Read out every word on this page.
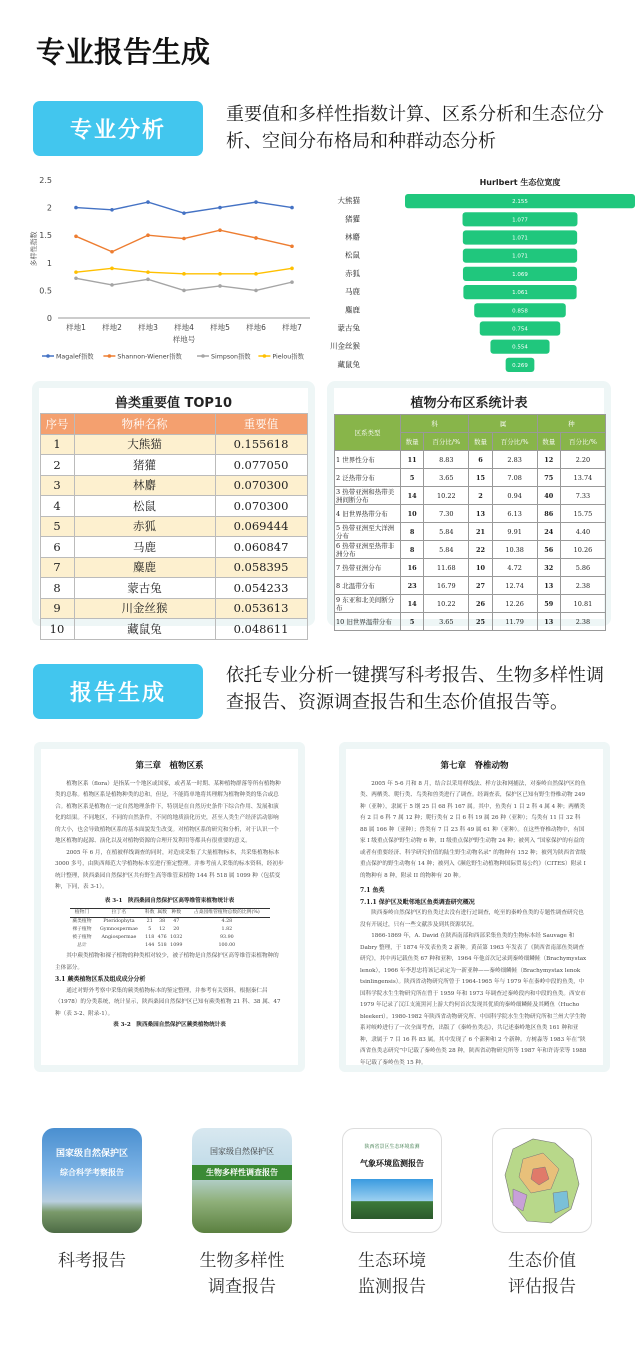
专业报告生成
专业分析
重要值和多样性指数计算、区系分析和生态位分析、空间分布格局和种群动态分析
0
0.5
1
1.5
2
2.5
样地1 样地2 样地3 样地4 样地5 样地6 样地7
样地号
多样性指数
Magalef指数	Shannon-Wiener指数	Simpson指数	Pielou指数
Hurlbert 生态位宽度
2.155
大熊猫
1.077
猪獾
1.071
林麝
1.071
松鼠
1.069
赤狐
1.061
马鹿
0.858
麋鹿
0.754
蒙古兔
0.554
川金丝猴
0.269
藏鼠兔
兽类重要值 TOP10
序号	物种名称	重要值
1	大熊猫	0.155618
2	猪獾	0.077050
3	林麝	0.070300
4	松鼠	0.070300
5	赤狐	0.069444
6	马鹿	0.060847
7	麋鹿	0.058395
8	蒙古兔	0.054233
9	川金丝猴	0.053613
10	藏鼠兔	0.048611
植物分布区系统计表
区系类型	科		属		种	
	数量	百分比/%	数量	百分比/%	数量	百分比/%
1 世界性分布	11	8.83	6	2.83	12	2.20
2 泛热带分布	5	3.65	15	7.08	75	13.74
3 热带亚洲和热带美洲间断分布	14	10.22	2	0.94	40	7.33
4 旧世界热带分布	10	7.30	13	6.13	86	15.75
5 热带亚洲至大洋洲分布	8	5.84	21	9.91	24	4.40
6 热带亚洲至热带非洲分布	8	5.84	22	10.38	56	10.26
7 热带亚洲分布	16	11.68	10	4.72	32	5.86
8 北温带分布	23	16.79	27	12.74	13	2.38
9 东亚和北美间断分布	14	10.22	26	12.26	59	10.81
10 旧世界温带分布	5	3.65	25	11.79	13	2.38
报告生成
依托专业分析一键撰写科考报告、生物多样性调查报告、资源调查报告和生态价值报告等。
第三章　植物区系
植物区系（flora）是指某一个地区或国家，或者某一时期、某种植物群落等所有植物种类的总称。植物区系是植物种类的总和，但是，不能简单地将其理解为植物种类的集合或总合。植物区系是植物在一定自然地理条件下，特别是在自然历史条件下综合作用、发展和演化的结果。不同地区，不同的自然条件，不同的地质演化历史，甚至人类生产经济活动影响的大小，也会导致植物区系的基本面貌发生改变。对植物区系的研究和分析，对于认识一个地区植物的起源、演化以及对植物资源的合理开发利用等都具有很重要的意义。
2005 年 6 月，在植被样线调查的同时，对造成采集了大量植物标本，共采集植物标本 3000 多号，由陕西师范大学植物标本室进行鉴定整理。并参考前人采集的标本资料，经初步统计整理，陕西桑园自然保护区共有野生高等维管束植物 144 科 518 属 1099 种（包括变种，下同，表 3-1）。
表 3-1　陕西桑园自然保护区高等维管束植物统计表
植物门	拉丁名	科数	属数	种数	占桑园维管植物总数的比例(%)
蕨类植物	Pteridophyta	21	38	47	4.28
裸子植物	Gymnospermae	5	12	20	1.82
被子植物	Angiospermae	118	476	1032	93.90
总计		144	518	1099	100.00
其中蕨类植物和裸子植物的种类相对较少，被子植物是自然保护区高等维管束植物种的主体部分。
3.1 蕨类植物区系及组成成分分析
通过对野外考察中采集的蕨类植物标本的鉴定整理，并参考有关资料，根据秦仁昌（1978）的分类系统，统计显示，陕西桑园自然保护区已知有蕨类植物 21 科、38 属、47 种（表 3-2、附录-1）。
表 3-2　陕西桑园自然保护区蕨类植物统计表
第七章　脊椎动物
2005 年 5-6 月和 8 月，结合以采用样线法、样方法和网捕法，对秦岭自然保护区的鱼类、两栖类、爬行类、鸟类和兽类进行了调查。经调查表，保护区已知有野生脊椎动物 249 种（亚种），隶属于 5 纲 25 目 68 科 167 属。其中，鱼类有 1 目 2 科 4 属 4 种；两栖类有 2 目 6 科 7 属 12 种；爬行类有 2 目 6 科 19 属 26 种（亚种）；鸟类有 11 目 32 科 88 属 166 种（亚种）；兽类有 7 目 23 科 49 属 61 种（亚种）。在这些脊椎动物中，有国家 I 级重点保护野生动物 6 种，II 级重点保护野生动物 24 种；被列入 “国家保护的有益的或者有重要经济、科学研究价值的陆生野生动物名录” 的物种有 152 种；被列为陕西省省级重点保护的野生动物有 14 种；被列入《濒危野生动植物种国际贸易公约》（CITES）附录 I 的物种有 8 种，附录 II 的物种有 20 种。
7.1 鱼类
7.1.1 保护区及毗邻地区鱼类调查研究概况
陕西秦岭自然保护区的鱼类过去没有进行过调查，屹至的秦岭鱼类的专题性调查研究也没有开展过，只有一些文献涉及到其资源状况。
1866-1869 年，A. David 在陕西南部和西部采集鱼类的生物标本经 Sauvage 和 Dabry 整理，于 1874 年发表鱼类 2 新种。黄苗第 1963 年发表了《陕西省南部鱼类调查研究》，其中再记载鱼类 67 种和亚种，1964 年他首次记录到秦岭细鳞鲑（Brachymystax lenok），1966 年李思忠将该记录定为一新亚种——秦岭细鳞鲑（Brachymystax lenok tsinlingensis）。陕西省动物研究所曾于 1964-1965 年与 1979 年在秦岭中段的鱼类，中国科学院水生生物研究所在曾于 1959 年和 1973 年调查过秦岭段内和中段的鱼类。西安市 1979 年记录了汉江支流黑河上游大约何首次发现其优质的秦岭细鳞鲑及其鳟鱼（Hucho bleekeri）。1980-1982 年陕西省动物研究所、中国科学院水生生物研究所和兰州大学生物系对岐岭进行了一次全面考查，出版了《秦岭鱼类志》，共记述秦岭地区鱼类 161 种和亚种，隶属于 7 目 16 科 83 属。其中发现了 6 个新种和 2 个新种。方树淼等 1983 年在“陕西省鱼类志研究”中记载了秦岭鱼类 28 种，陕西省动物研究所等 1987 年和许涛荣等 1988 年记载了秦岭鱼类 15 种。
国家级自然保护区
综合科学考察报告
国家级自然保护区
生物多样性调查报告
陕西省景区生态环境监测
气象环境监测报告
科考报告	生物多样性
调查报告
生态环境
监测报告
生态价值
评估报告
